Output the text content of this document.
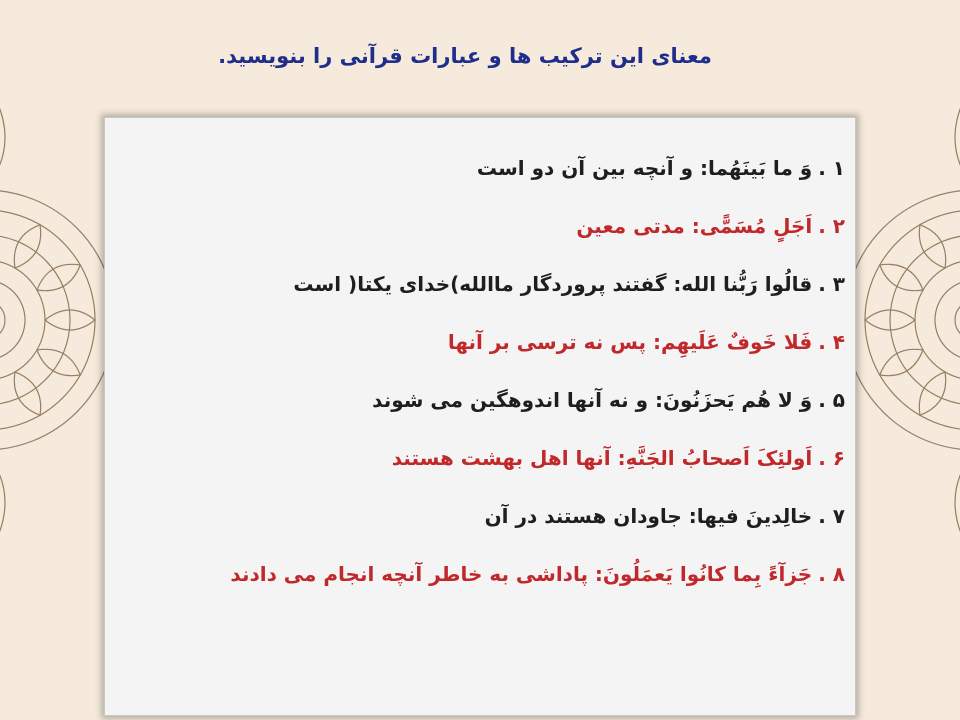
معنای این ترکیب ها و عبارات قرآنی را بنویسید.
۱ .وَ ما بَینَهُما: و آنچه بین آن دو است
۲ .اَجَلٍ مُسَمًّی: مدتی معین
۳ .قالُوا رَبُّنا الله: گفتند پروردگار ماالله)خدای یکتا( است
۴ .فَلا خَوفٌ عَلَیهِم: پس نه ترسی بر آنها
۵ .وَ لا هُم یَحزَنُونَ: و نه آنها اندوهگین می شوند
۶ .اَولئِکَ اَصحابُ الجَنَّهِ: آنها اهل بهشت هستند
۷ .خالِدینَ فیها: جاودان هستند در آن
۸ .جَزآءً بِما کانُوا یَعمَلُونَ: پاداشی به خاطر آنچه انجام می دادند
